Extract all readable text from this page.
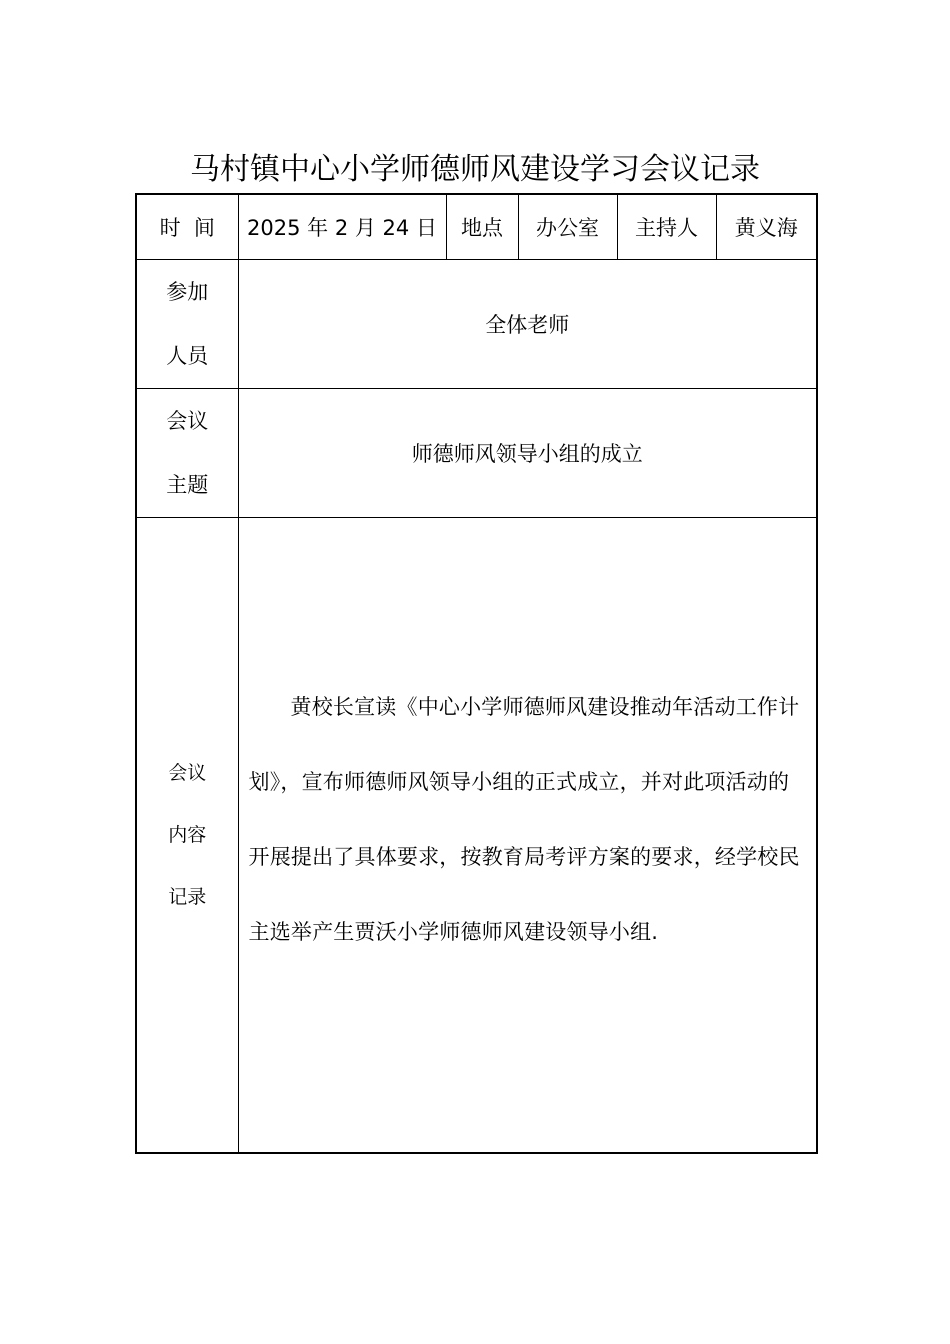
马村镇中心小学师德师风建设学习会议记录
时  间	2025 年 2 月 24 日	地点	办公室	主持人	黄义海

参加
人员	全体老师				

会议
主题	师德师风领导小组的成立				

会议
内容
记录	黄校长宣读《中心小学师德师风建设推动年活动工作计划》，宣布师德师风领导小组的正式成立，并对此项活动的开展提出了具体要求，按教育局考评方案的要求，经学校民主选举产生贾沃小学师德师风建设领导小组.				
